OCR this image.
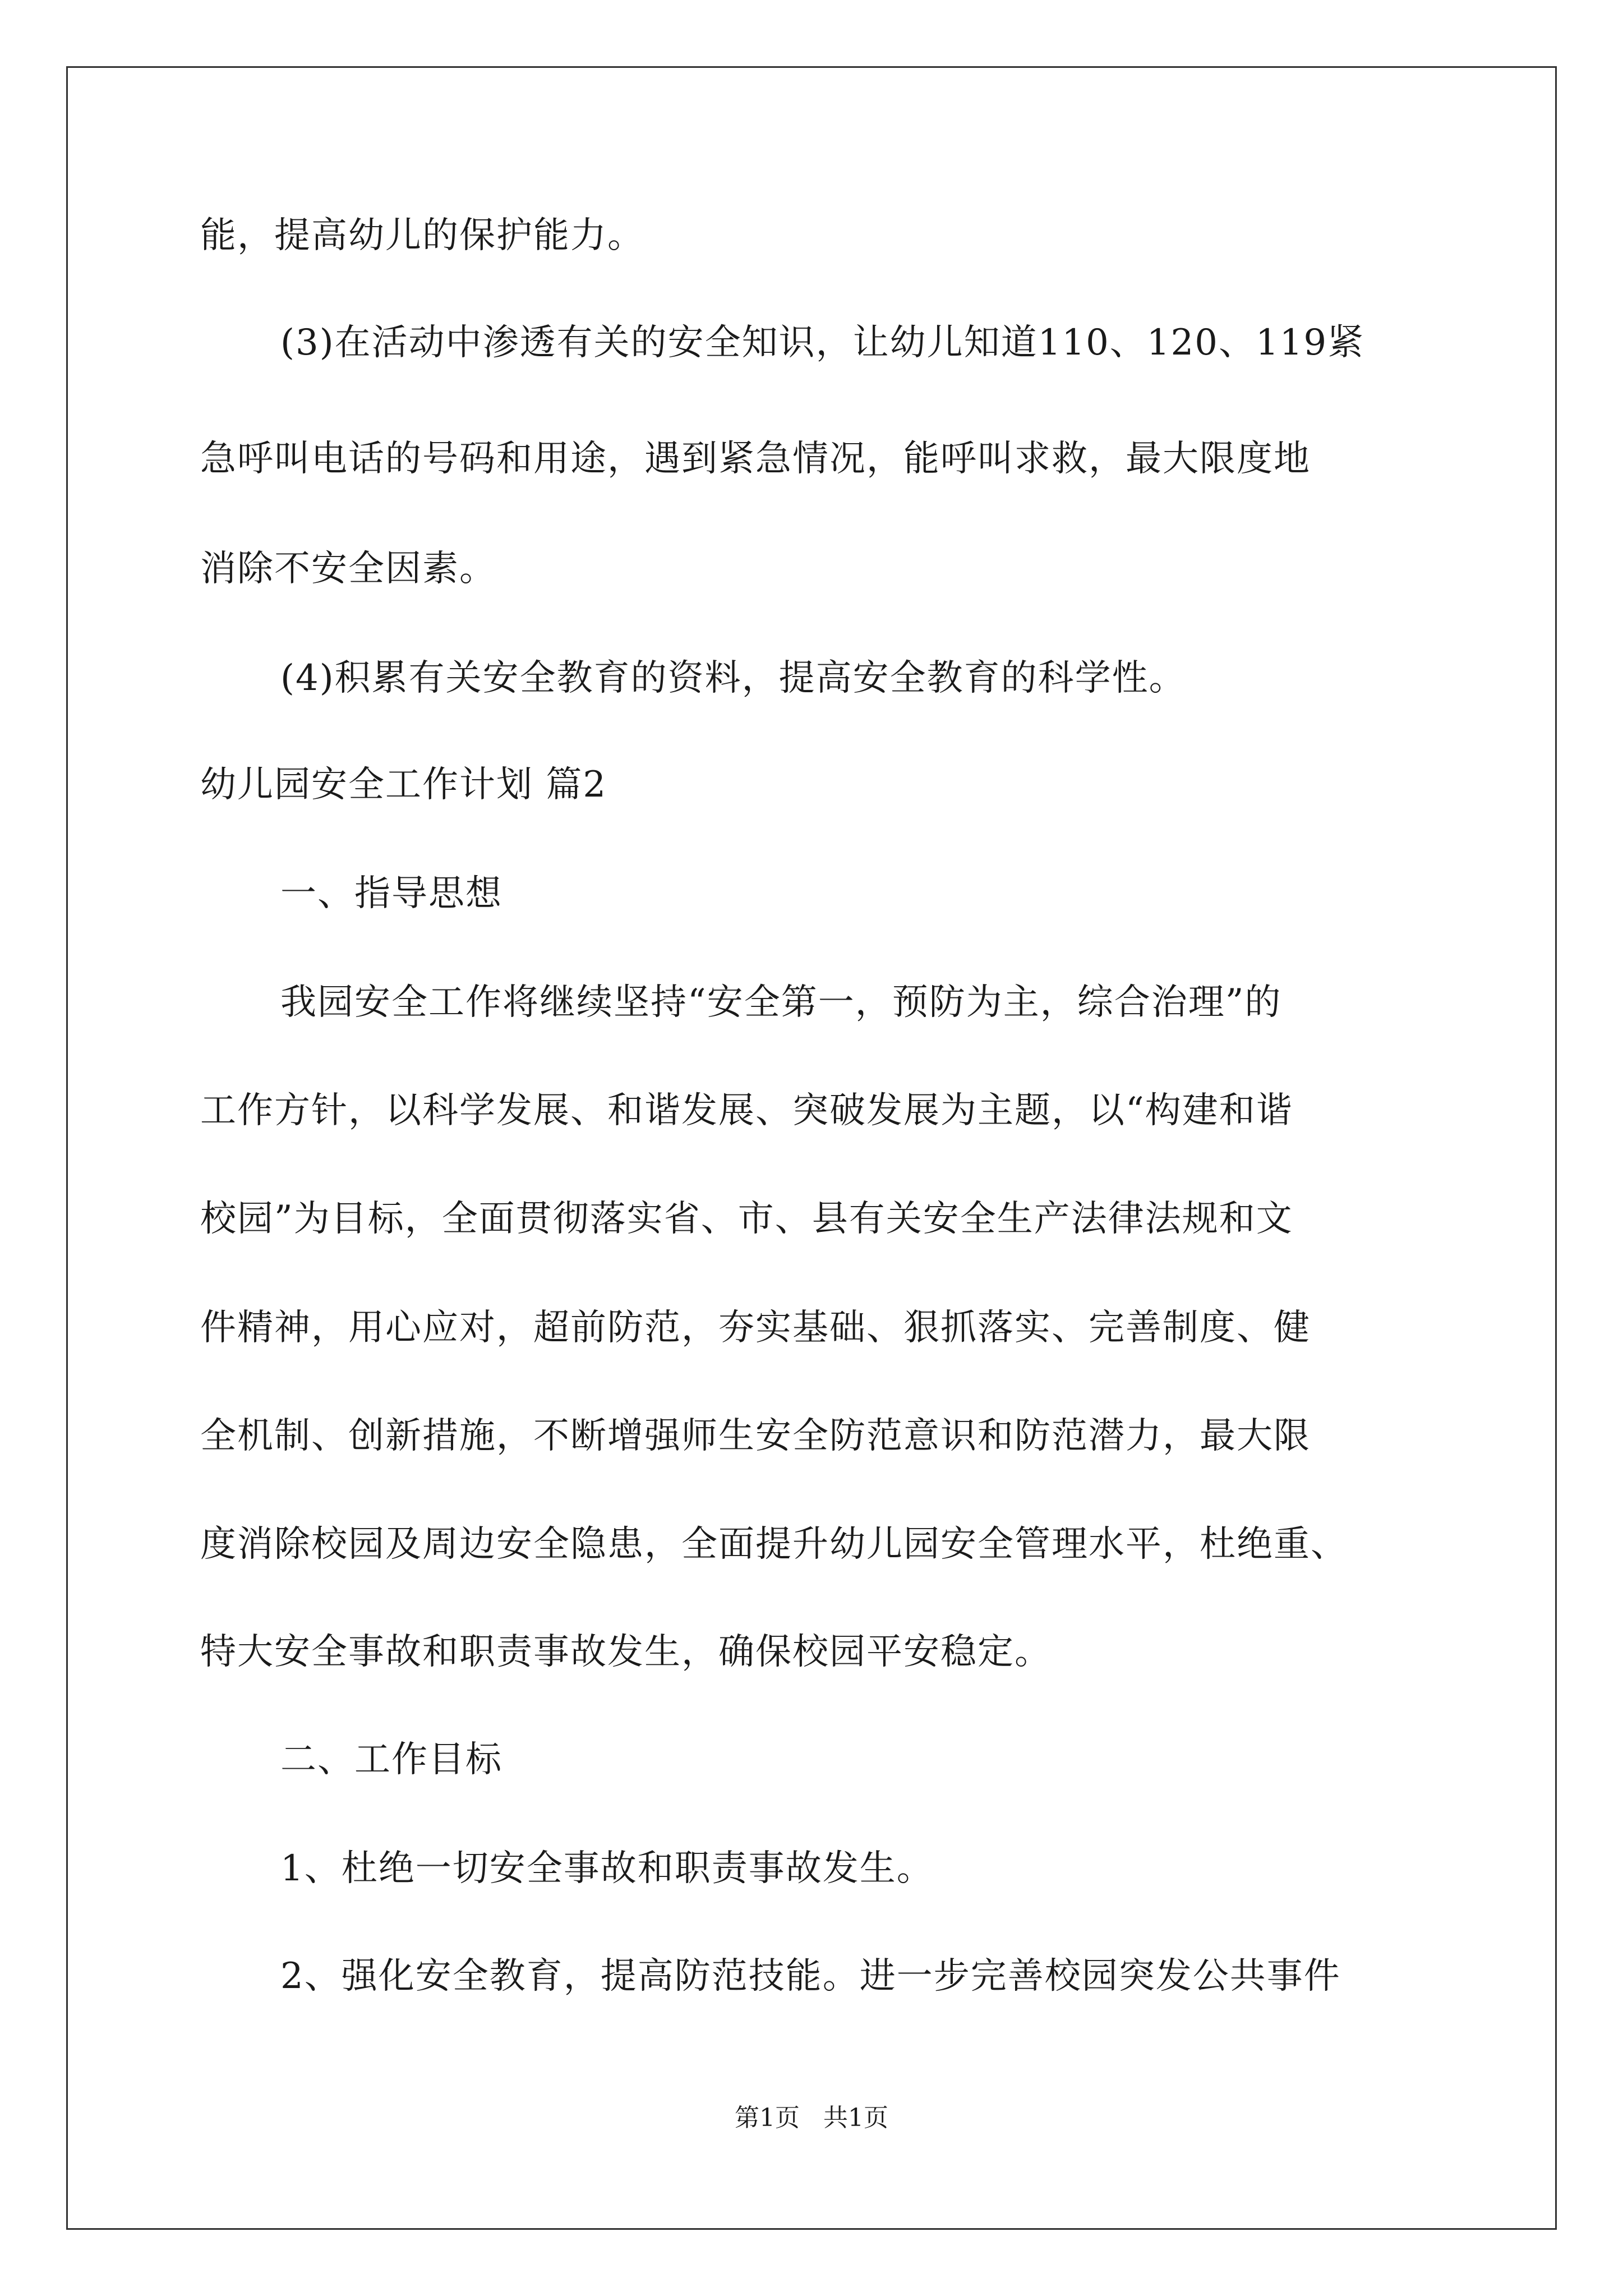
能，提高幼儿的保护能力。

(3)在活动中渗透有关的安全知识，让幼儿知道110、120、119紧

急呼叫电话的号码和用途，遇到紧急情况，能呼叫求救，最大限度地

消除不安全因素。

(4)积累有关安全教育的资料，提高安全教育的科学性。

幼儿园安全工作计划 篇2

一、指导思想

我园安全工作将继续坚持“安全第一，预防为主，综合治理”的

工作方针，以科学发展、和谐发展、突破发展为主题，以“构建和谐

校园”为目标，全面贯彻落实省、市、县有关安全生产法律法规和文

件精神，用心应对，超前防范，夯实基础、狠抓落实、完善制度、健

全机制、创新措施，不断增强师生安全防范意识和防范潜力，最大限

度消除校园及周边安全隐患，全面提升幼儿园安全管理水平，杜绝重、

特大安全事故和职责事故发生，确保校园平安稳定。

二、工作目标

1、杜绝一切安全事故和职责事故发生。

2、强化安全教育，提高防范技能。进一步完善校园突发公共事件

第1页   共1页
